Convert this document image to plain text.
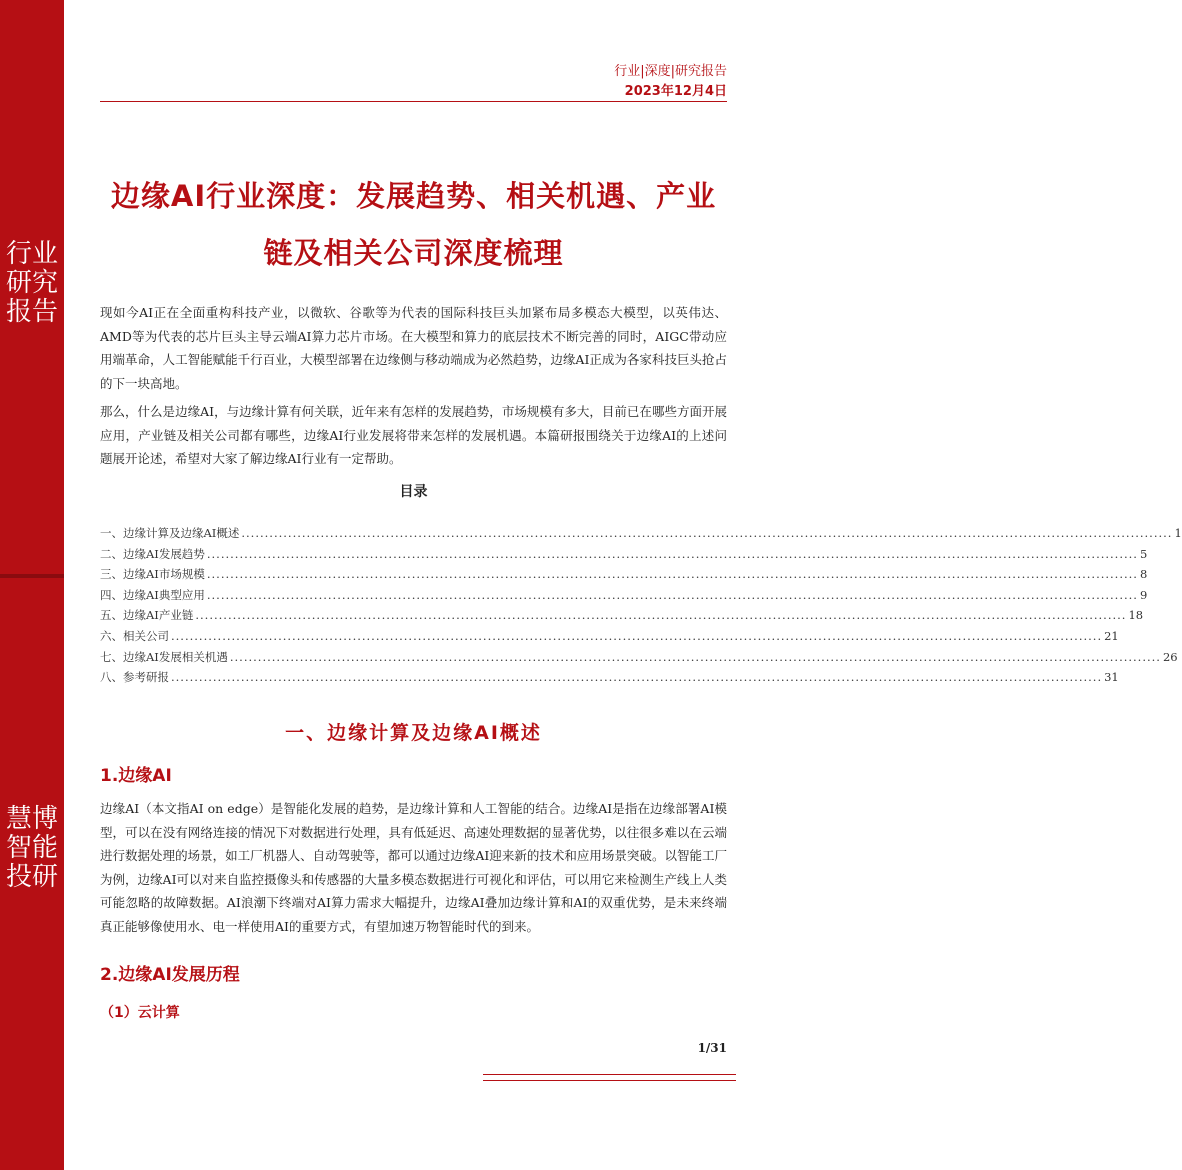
行业研究报告
慧博智能投研
行业|深度|研究报告
2023年12月4日
边缘AI行业深度：发展趋势、相关机遇、产业链及相关公司深度梳理
现如今AI正在全面重构科技产业，以微软、谷歌等为代表的国际科技巨头加紧布局多模态大模型，以英伟达、AMD等为代表的芯片巨头主导云端AI算力芯片市场。在大模型和算力的底层技术不断完善的同时，AIGC带动应用端革命，人工智能赋能千行百业，大模型部署在边缘侧与移动端成为必然趋势，边缘AI正成为各家科技巨头抢占的下一块高地。
那么，什么是边缘AI，与边缘计算有何关联，近年来有怎样的发展趋势，市场规模有多大，目前已在哪些方面开展应用，产业链及相关公司都有哪些，边缘AI行业发展将带来怎样的发展机遇。本篇研报围绕关于边缘AI的上述问题展开论述，希望对大家了解边缘AI行业有一定帮助。
目录
一、边缘计算及边缘AI概述 ........................................................................................................................................................................................................ 1
二、边缘AI发展趋势 ........................................................................................................................................................................................................ 5
三、边缘AI市场规模 ........................................................................................................................................................................................................ 8
四、边缘AI典型应用 ........................................................................................................................................................................................................ 9
五、边缘AI产业链 ........................................................................................................................................................................................................ 18
六、相关公司 ........................................................................................................................................................................................................ 21
七、边缘AI发展相关机遇 ........................................................................................................................................................................................................ 26
八、参考研报 ........................................................................................................................................................................................................ 31
一、边缘计算及边缘AI概述
1.边缘AI
边缘AI（本文指AI on edge）是智能化发展的趋势，是边缘计算和人工智能的结合。边缘AI是指在边缘部署AI模型，可以在没有网络连接的情况下对数据进行处理，具有低延迟、高速处理数据的显著优势，以往很多难以在云端进行数据处理的场景，如工厂机器人、自动驾驶等，都可以通过边缘AI迎来新的技术和应用场景突破。以智能工厂为例，边缘AI可以对来自监控摄像头和传感器的大量多模态数据进行可视化和评估，可以用它来检测生产线上人类可能忽略的故障数据。AI浪潮下终端对AI算力需求大幅提升，边缘AI叠加边缘计算和AI的双重优势，是未来终端真正能够像使用水、电一样使用AI的重要方式，有望加速万物智能时代的到来。
2.边缘AI发展历程
（1）云计算
1/31
